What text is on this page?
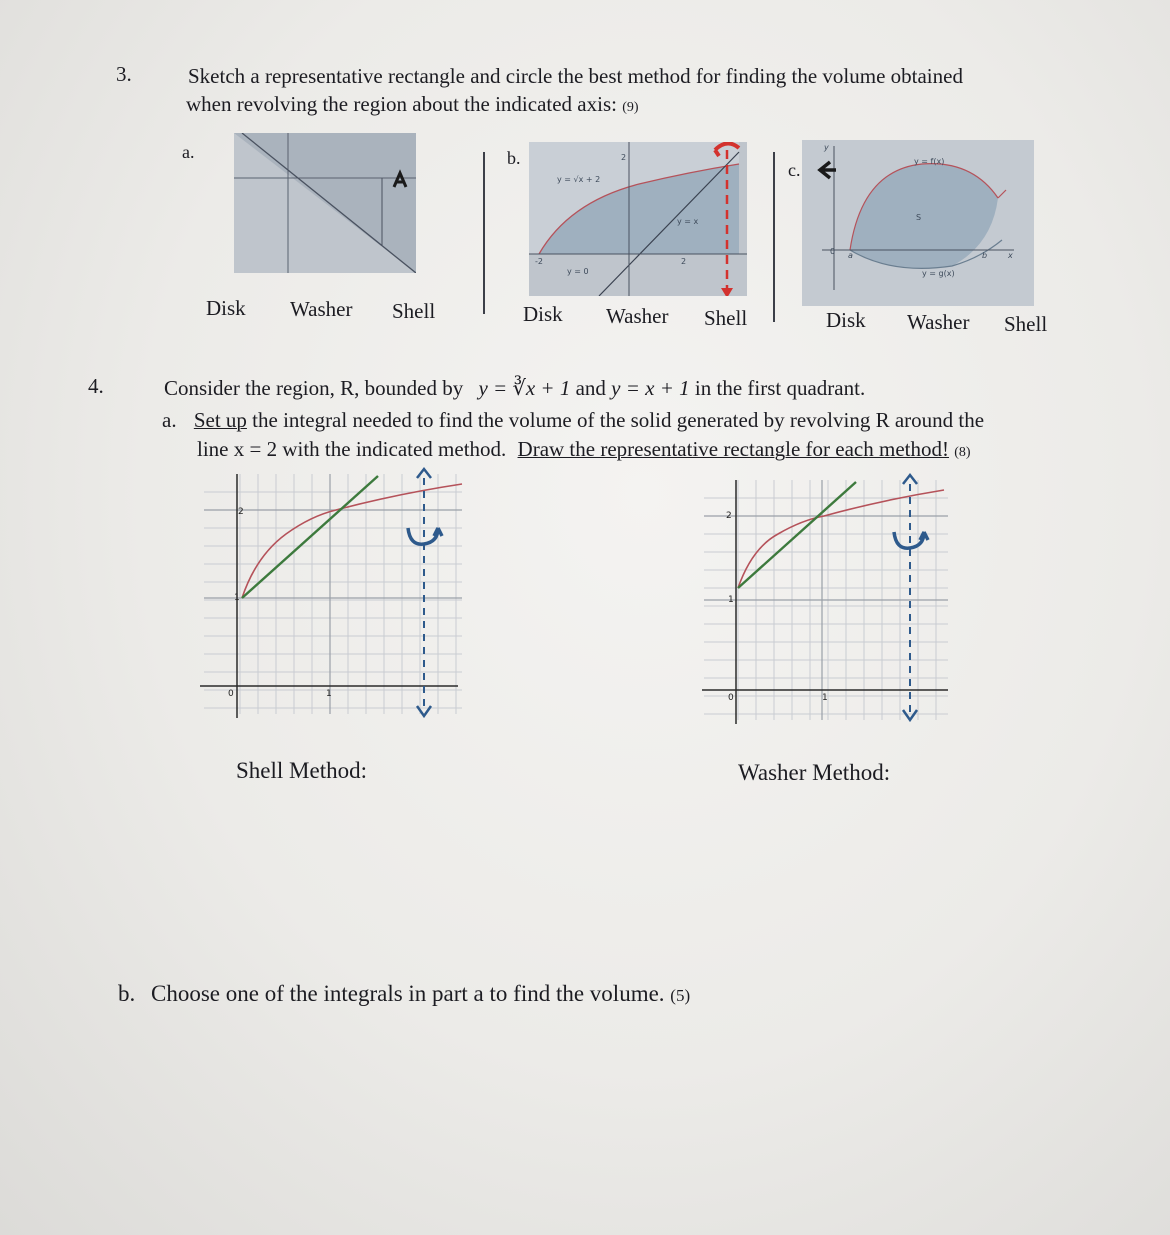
3.	Sketch a representative rectangle and circle the best method for finding the volume obtained
when revolving the region about the indicated axis: (9)
a.
Disk Washer Shell
b.
y = √x + 2
y = x
y = 0
2
-2	2
Disk Washer Shell
c.	y = f(x)
y = g(x)
S
0 a	b	x
y
Disk Washer Shell
4.	Consider the region, R, bounded by y = ∛x + 1 and y = x + 1 in the first quadrant.
a. Set up the integral needed to find the volume of the solid generated by revolving R around the
line x = 2 with the indicated method. Draw the representative rectangle for each method! (8)
2
1
0	1
2
1
0	1
Shell Method:	Washer Method:
b. Choose one of the integrals in part a to find the volume. (5)
